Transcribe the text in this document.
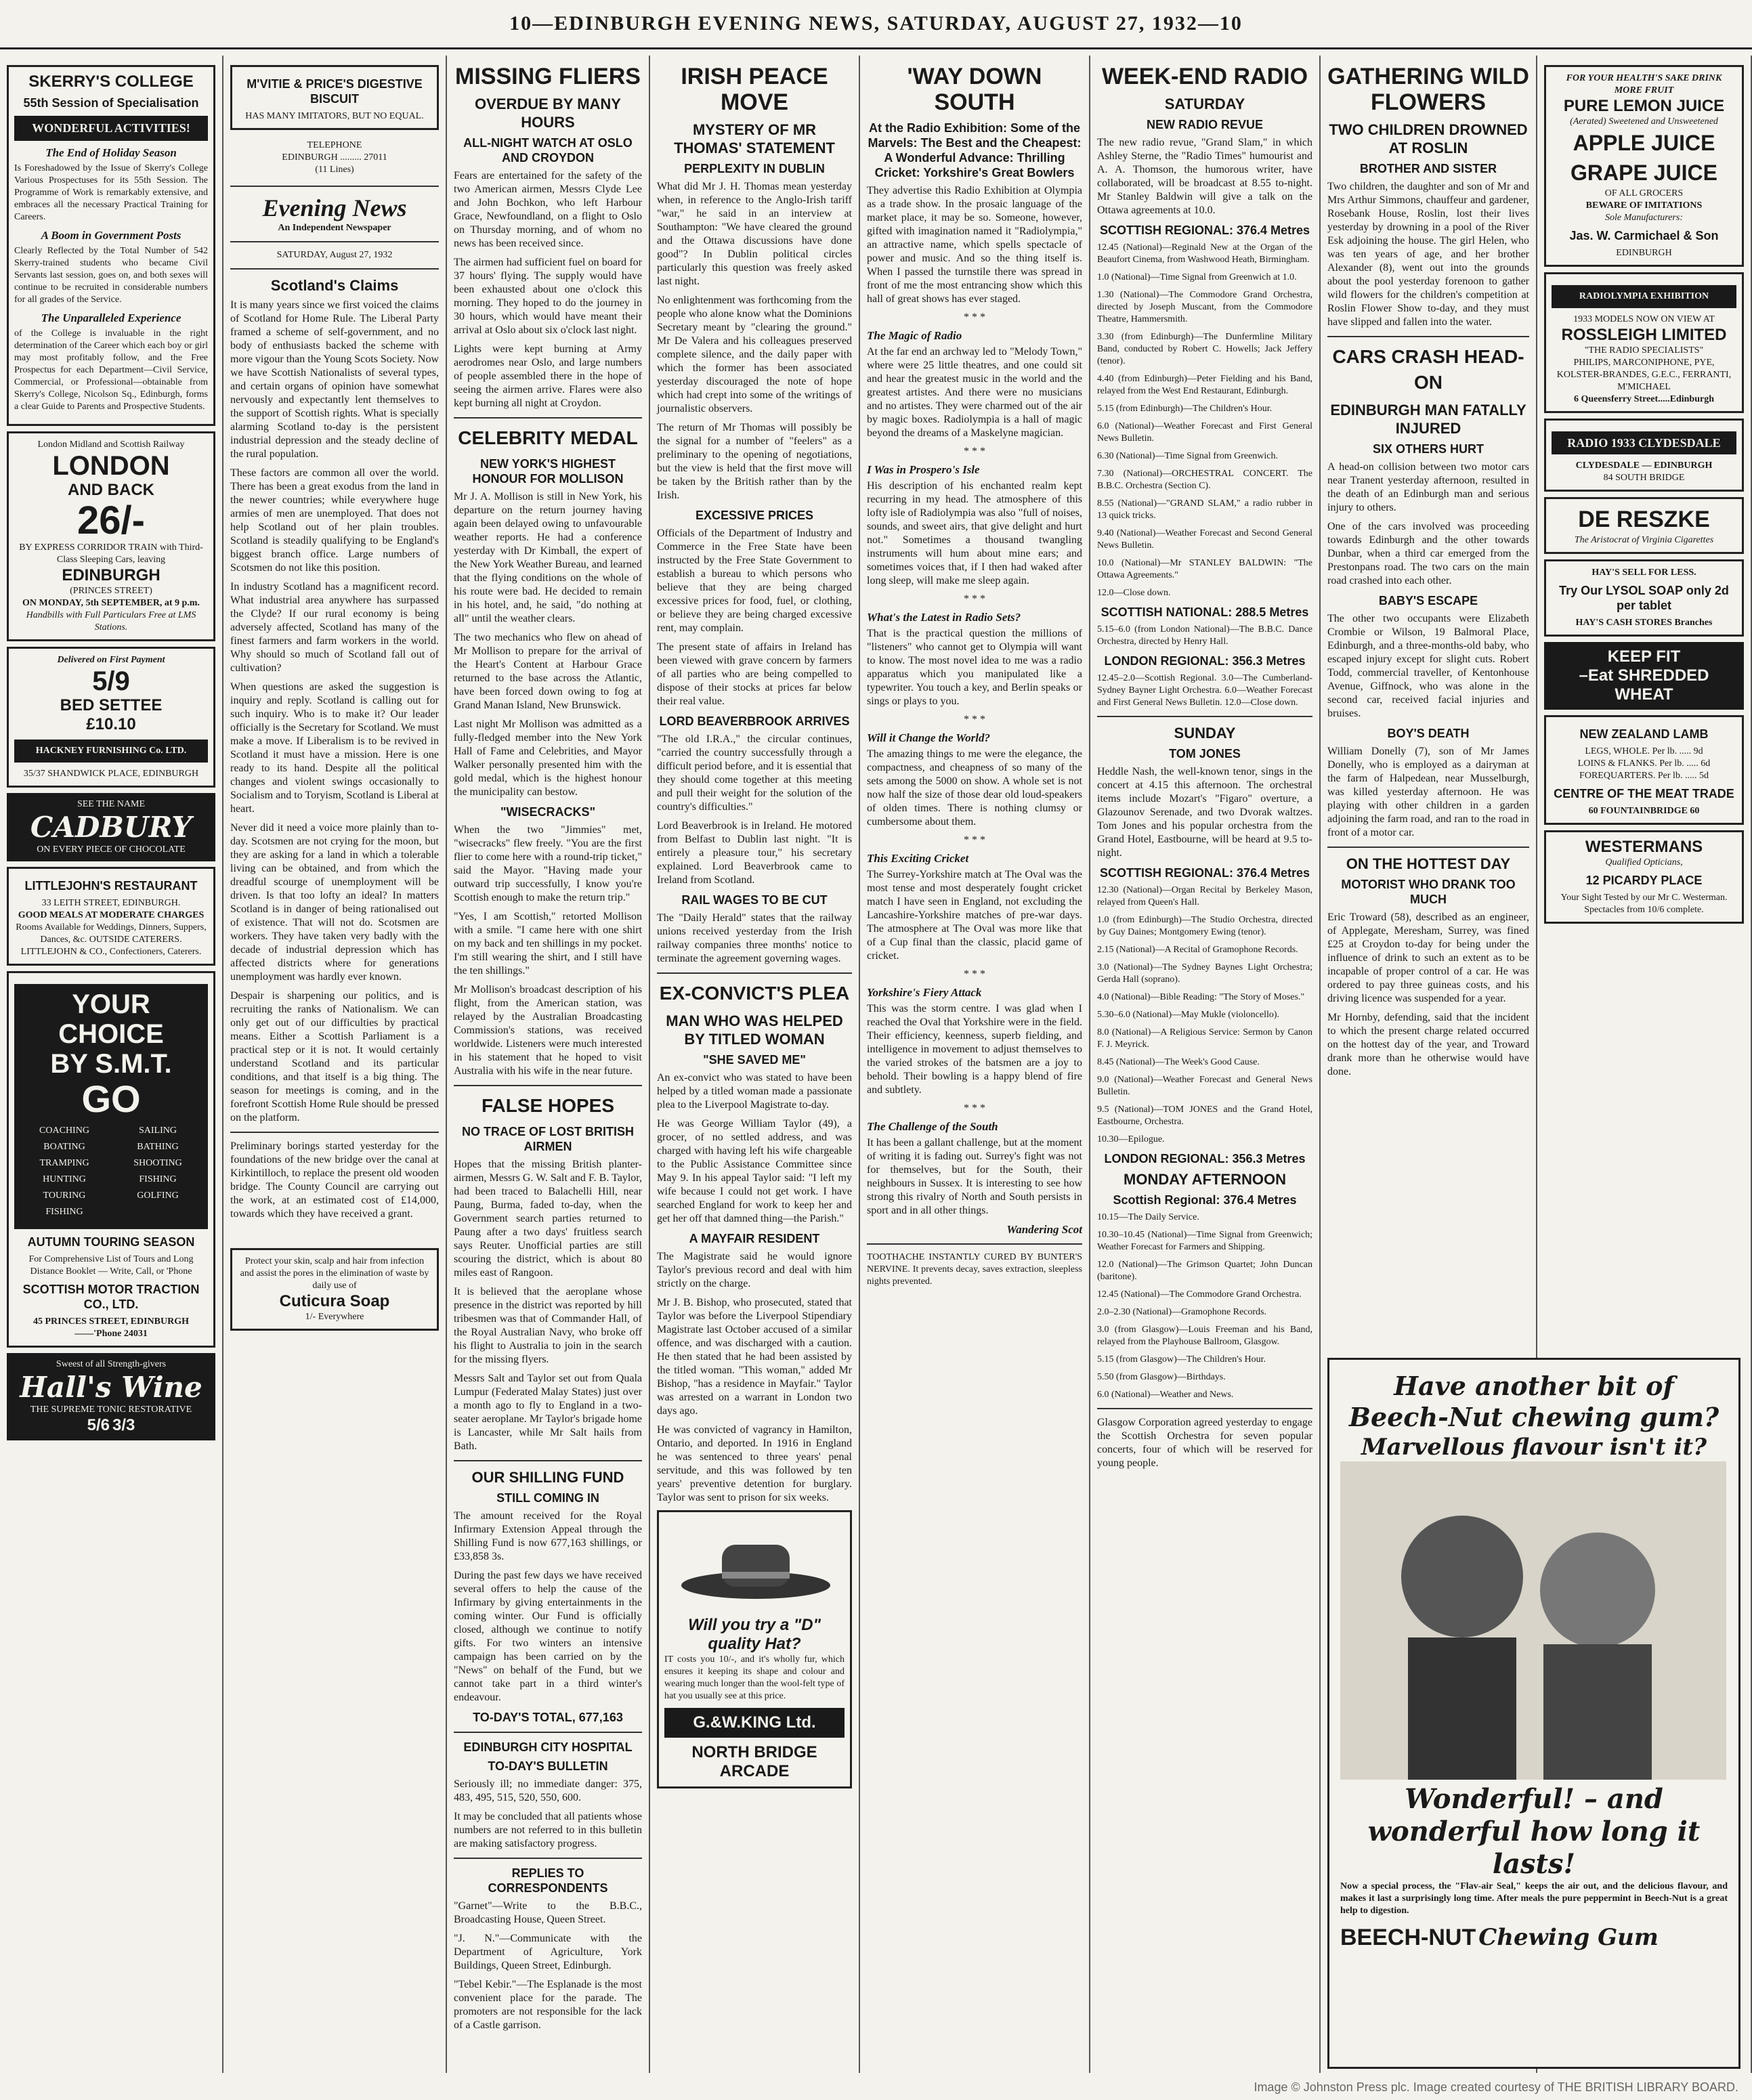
10—EDINBURGH EVENING NEWS, SATURDAY, AUGUST 27, 1932—10
SKERRY'S COLLEGE
55th Session of Specialisation
WONDERFUL ACTIVITIES!
The End of Holiday Season

Is Foreshadowed by the Issue of Skerry's College Various Prospectuses for its 55th Session. The Programme of Work is remarkably extensive, and embraces all the necessary Practical Training for Careers.

A Boom in Government Posts

Clearly Reflected by the Total Number of 542 Skerry-trained students who became Civil Servants last session, goes on, and both sexes will continue to be recruited in considerable numbers for all grades of the Service.

The Unparalleled Experience

of the College is invaluable in the right determination of the Career which each boy or girl may most profitably follow, and the Free Prospectus for each Department—Civil Service, Commercial, or Professional—obtainable from Skerry's College, Nicolson Sq., Edinburgh, forms a clear Guide to Parents and Prospective Students.

London Midland and Scottish Railway
LONDON
AND BACK
26/-
BY EXPRESS CORRIDOR TRAIN with Third-Class Sleeping Cars, leaving
EDINBURGH
(PRINCES STREET)
ON MONDAY, 5th SEPTEMBER, at 9 p.m.
Handbills with Full Particulars Free at LMS Stations.
Delivered on First Payment
5/9
BED SETTEE
£10.10
HACKNEY FURNISHING Co. LTD.
35/37 SHANDWICK PLACE, EDINBURGH
SEE THE NAME
CADBURY
ON EVERY PIECE OF CHOCOLATE
LITTLEJOHN'S RESTAURANT
33 LEITH STREET, EDINBURGH.
GOOD MEALS AT MODERATE CHARGES
Rooms Available for Weddings, Dinners, Suppers, Dances, &c. OUTSIDE CATERERS.
LITTLEJOHN & CO., Confectioners, Caterers.
YOUR CHOICE
BY S.M.T.
GO
COACHING	SAILING
BOATING	BATHING
TRAMPING	SHOOTING
HUNTING	FISHING
TOURING	GOLFING
FISHING
AUTUMN TOURING SEASON
For Comprehensive List of Tours and Long Distance Booklet — Write, Call, or 'Phone
SCOTTISH MOTOR TRACTION CO., LTD.
45 PRINCES STREET, EDINBURGH——'Phone 24031
Sweest of all Strength-givers
Hall's Wine
THE SUPREME TONIC RESTORATIVE
5/6 3/3
M'VITIE & PRICE'S DIGESTIVE BISCUIT
HAS MANY IMITATORS, BUT NO EQUAL.
TELEPHONE
EDINBURGH ......... 27011
(11 Lines)
Evening News
An Independent Newspaper
SATURDAY, August 27, 1932
Scotland's Claims

It is many years since we first voiced the claims of Scotland for Home Rule. The Liberal Party framed a scheme of self-government, and no body of enthusiasts backed the scheme with more vigour than the Young Scots Society. Now we have Scottish Nationalists of several types, and certain organs of opinion have somewhat nervously and expectantly lent themselves to the support of Scottish rights. What is specially alarming Scotland to-day is the persistent industrial depression and the steady decline of the rural population.

These factors are common all over the world. There has been a great exodus from the land in the newer countries; while everywhere huge armies of men are unemployed. That does not help Scotland out of her plain troubles. Scotland is steadily qualifying to be England's biggest branch office. Large numbers of Scotsmen do not like this position.

In industry Scotland has a magnificent record. What industrial area anywhere has surpassed the Clyde? If our rural economy is being adversely affected, Scotland has many of the finest farmers and farm workers in the world. Why should so much of Scotland fall out of cultivation?

When questions are asked the suggestion is inquiry and reply. Scotland is calling out for such inquiry. Who is to make it? Our leader officially is the Secretary for Scotland. We must make a move. If Liberalism is to be revived in Scotland it must have a mission. Here is one ready to its hand. Despite all the political changes and violent swings occasionally to Socialism and to Toryism, Scotland is Liberal at heart.

Never did it need a voice more plainly than to-day. Scotsmen are not crying for the moon, but they are asking for a land in which a tolerable living can be obtained, and from which the dreadful scourge of unemployment will be driven. Is that too lofty an ideal? In matters Scotland is in danger of being rationalised out of existence. That will not do. Scotsmen are workers. They have taken very badly with the decade of industrial depression which has affected districts where for generations unemployment was hardly ever known.

Despair is sharpening our politics, and is recruiting the ranks of Nationalism. We can only get out of our difficulties by practical means. Either a Scottish Parliament is a practical step or it is not. It would certainly understand Scotland and its particular conditions, and that itself is a big thing. The season for meetings is coming, and in the forefront Scottish Home Rule should be pressed on the platform.

Preliminary borings started yesterday for the foundations of the new bridge over the canal at Kirkintilloch, to replace the present old wooden bridge. The County Council are carrying out the work, at an estimated cost of £14,000, towards which they have received a grant.

Protect your skin, scalp and hair from infection and assist the pores in the elimination of waste by daily use of
Cuticura Soap
1/- Everywhere
MISSING FLIERS
OVERDUE BY MANY HOURS
ALL-NIGHT WATCH AT OSLO AND CROYDON

Fears are entertained for the safety of the two American airmen, Messrs Clyde Lee and John Bochkon, who left Harbour Grace, Newfoundland, on a flight to Oslo on Thursday morning, and of whom no news has been received since.

The airmen had sufficient fuel on board for 37 hours' flying. The supply would have been exhausted about one o'clock this morning. They hoped to do the journey in 30 hours, which would have meant their arrival at Oslo about six o'clock last night.

Lights were kept burning at Army aerodromes near Oslo, and large numbers of people assembled there in the hope of seeing the airmen arrive. Flares were also kept burning all night at Croydon.

CELEBRITY MEDAL
NEW YORK'S HIGHEST HONOUR FOR MOLLISON

Mr J. A. Mollison is still in New York, his departure on the return journey having again been delayed owing to unfavourable weather reports. He had a conference yesterday with Dr Kimball, the expert of the New York Weather Bureau, and learned that the flying conditions on the whole of his route were bad. He decided to remain in his hotel, and, he said, "do nothing at all" until the weather clears.

The two mechanics who flew on ahead of Mr Mollison to prepare for the arrival of the Heart's Content at Harbour Grace returned to the base across the Atlantic, have been forced down owing to fog at Grand Manan Island, New Brunswick.

Last night Mr Mollison was admitted as a fully-fledged member into the New York Hall of Fame and Celebrities, and Mayor Walker personally presented him with the gold medal, which is the highest honour the municipality can bestow.

"WISECRACKS"

When the two "Jimmies" met, "wisecracks" flew freely. "You are the first flier to come here with a round-trip ticket," said the Mayor. "Having made your outward trip successfully, I know you're Scottish enough to make the return trip."

"Yes, I am Scottish," retorted Mollison with a smile. "I came here with one shirt on my back and ten shillings in my pocket. I'm still wearing the shirt, and I still have the ten shillings."

Mr Mollison's broadcast description of his flight, from the American station, was relayed by the Australian Broadcasting Commission's stations, was received worldwide. Listeners were much interested in his statement that he hoped to visit Australia with his wife in the near future.

FALSE HOPES
NO TRACE OF LOST BRITISH AIRMEN

Hopes that the missing British planter-airmen, Messrs G. W. Salt and F. B. Taylor, had been traced to Balachelli Hill, near Paung, Burma, faded to-day, when the Government search parties returned to Paung after a two days' fruitless search says Reuter. Unofficial parties are still scouring the district, which is about 80 miles east of Rangoon.

It is believed that the aeroplane whose presence in the district was reported by hill tribesmen was that of Commander Hall, of the Royal Australian Navy, who broke off his flight to Australia to join in the search for the missing flyers.

Messrs Salt and Taylor set out from Quala Lumpur (Federated Malay States) just over a month ago to fly to England in a two-seater aeroplane. Mr Taylor's brigade home is Lancaster, while Mr Salt hails from Bath.

OUR SHILLING FUND
STILL COMING IN

The amount received for the Royal Infirmary Extension Appeal through the Shilling Fund is now 677,163 shillings, or £33,858 3s.

During the past few days we have received several offers to help the cause of the Infirmary by giving entertainments in the coming winter. Our Fund is officially closed, although we continue to notify gifts. For two winters an intensive campaign has been carried on by the "News" on behalf of the Fund, but we cannot take part in a third winter's endeavour.

TO-DAY'S TOTAL, 677,163
EDINBURGH CITY HOSPITAL
TO-DAY'S BULLETIN

Seriously ill; no immediate danger: 375, 483, 495, 515, 520, 550, 600.

It may be concluded that all patients whose numbers are not referred to in this bulletin are making satisfactory progress.

REPLIES TO CORRESPONDENTS

"Garnet"—Write to the B.B.C., Broadcasting House, Queen Street.

"J. N."—Communicate with the Department of Agriculture, York Buildings, Queen Street, Edinburgh.

"Tebel Kebir."—The Esplanade is the most convenient place for the parade. The promoters are not responsible for the lack of a Castle garrison.

IRISH PEACE MOVE
MYSTERY OF MR THOMAS' STATEMENT
PERPLEXITY IN DUBLIN

What did Mr J. H. Thomas mean yesterday when, in reference to the Anglo-Irish tariff "war," he said in an interview at Southampton: "We have cleared the ground and the Ottawa discussions have done good"? In Dublin political circles particularly this question was freely asked last night.

No enlightenment was forthcoming from the people who alone know what the Dominions Secretary meant by "clearing the ground." Mr De Valera and his colleagues preserved complete silence, and the daily paper with which the former has been associated yesterday discouraged the note of hope which had crept into some of the writings of journalistic observers.

The return of Mr Thomas will possibly be the signal for a number of "feelers" as a preliminary to the opening of negotiations, but the view is held that the first move will be taken by the British rather than by the Irish.

EXCESSIVE PRICES

Officials of the Department of Industry and Commerce in the Free State have been instructed by the Free State Government to establish a bureau to which persons who believe that they are being charged excessive prices for food, fuel, or clothing, or believe they are being charged excessive rent, may complain.

The present state of affairs in Ireland has been viewed with grave concern by farmers of all parties who are being compelled to dispose of their stocks at prices far below their real value.

LORD BEAVERBROOK ARRIVES

"The old I.R.A.," the circular continues, "carried the country successfully through a difficult period before, and it is essential that they should come together at this meeting and pull their weight for the solution of the country's difficulties."

Lord Beaverbrook is in Ireland. He motored from Belfast to Dublin last night. "It is entirely a pleasure tour," his secretary explained. Lord Beaverbrook came to Ireland from Scotland.

RAIL WAGES TO BE CUT

The "Daily Herald" states that the railway unions received yesterday from the Irish railway companies three months' notice to terminate the agreement governing wages.

EX-CONVICT'S PLEA
MAN WHO WAS HELPED BY TITLED WOMAN
"SHE SAVED ME"

An ex-convict who was stated to have been helped by a titled woman made a passionate plea to the Liverpool Magistrate to-day.

He was George William Taylor (49), a grocer, of no settled address, and was charged with having left his wife chargeable to the Public Assistance Committee since May 9. In his appeal Taylor said: "I left my wife because I could not get work. I have searched England for work to keep her and get her off that damned thing—the Parish."

A MAYFAIR RESIDENT

The Magistrate said he would ignore Taylor's previous record and deal with him strictly on the charge.

Mr J. B. Bishop, who prosecuted, stated that Taylor was before the Liverpool Stipendiary Magistrate last October accused of a similar offence, and was discharged with a caution. He then stated that he had been assisted by the titled woman. "This woman," added Mr Bishop, "has a residence in Mayfair." Taylor was arrested on a warrant in London two days ago.

He was convicted of vagrancy in Hamilton, Ontario, and deported. In 1916 in England he was sentenced to three years' penal servitude, and this was followed by ten years' preventive detention for burglary. Taylor was sent to prison for six weeks.

Will you try a "D" quality Hat?

IT costs you 10/-, and it's wholly fur, which ensures it keeping its shape and colour and wearing much longer than the wool-felt type of hat you usually see at this price.

G.&W.KING Ltd.
NORTH BRIDGE ARCADE
'WAY DOWN SOUTH
At the Radio Exhibition: Some of the Marvels: The Best and the Cheapest: A Wonderful Advance: Thrilling Cricket: Yorkshire's Great Bowlers

They advertise this Radio Exhibition at Olympia as a trade show. In the prosaic language of the market place, it may be so. Someone, however, gifted with imagination named it "Radiolympia," an attractive name, which spells spectacle of power and music. And so the thing itself is. When I passed the turnstile there was spread in front of me the most entrancing show which this hall of great shows has ever staged.

* * *
The Magic of Radio

At the far end an archway led to "Melody Town," where were 25 little theatres, and one could sit and hear the greatest music in the world and the greatest artistes. And there were no musicians and no artistes. They were charmed out of the air by magic boxes. Radiolympia is a hall of magic beyond the dreams of a Maskelyne magician.

* * *
I Was in Prospero's Isle

His description of his enchanted realm kept recurring in my head. The atmosphere of this lofty isle of Radiolympia was also "full of noises, sounds, and sweet airs, that give delight and hurt not." Sometimes a thousand twangling instruments will hum about mine ears; and sometimes voices that, if I then had waked after long sleep, will make me sleep again.

* * *
What's the Latest in Radio Sets?

That is the practical question the millions of "listeners" who cannot get to Olympia will want to know. The most novel idea to me was a radio apparatus which you manipulated like a typewriter. You touch a key, and Berlin speaks or sings or plays to you.

* * *
Will it Change the World?

The amazing things to me were the elegance, the compactness, and cheapness of so many of the sets among the 5000 on show. A whole set is not now half the size of those dear old loud-speakers of olden times. There is nothing clumsy or cumbersome about them.

* * *
This Exciting Cricket

The Surrey-Yorkshire match at The Oval was the most tense and most desperately fought cricket match I have seen in England, not excluding the Lancashire-Yorkshire matches of pre-war days. The atmosphere at The Oval was more like that of a Cup final than the classic, placid game of cricket.

* * *
Yorkshire's Fiery Attack

This was the storm centre. I was glad when I reached the Oval that Yorkshire were in the field. Their efficiency, keenness, superb fielding, and intelligence in movement to adjust themselves to the varied strokes of the batsmen are a joy to behold. Their bowling is a happy blend of fire and subtlety.

* * *
The Challenge of the South

It has been a gallant challenge, but at the moment of writing it is fading out. Surrey's fight was not for themselves, but for the South, their neighbours in Sussex. It is interesting to see how strong this rivalry of North and South persists in sport and in all other things.

Wandering Scot

TOOTHACHE INSTANTLY CURED BY BUNTER'S NERVINE. It prevents decay, saves extraction, sleepless nights prevented.

WEEK-END RADIO
SATURDAY
NEW RADIO REVUE

The new radio revue, "Grand Slam," in which Ashley Sterne, the "Radio Times" humourist and A. A. Thomson, the humorous writer, have collaborated, will be broadcast at 8.55 to-night. Mr Stanley Baldwin will give a talk on the Ottawa agreements at 10.0.

SCOTTISH REGIONAL: 376.4 Metres

12.45 (National)—Reginald New at the Organ of the Beaufort Cinema, from Washwood Heath, Birmingham.

1.0 (National)—Time Signal from Greenwich at 1.0.

1.30 (National)—The Commodore Grand Orchestra, directed by Joseph Muscant, from the Commodore Theatre, Hammersmith.

3.30 (from Edinburgh)—The Dunfermline Military Band, conducted by Robert C. Howells; Jack Jeffery (tenor).

4.40 (from Edinburgh)—Peter Fielding and his Band, relayed from the West End Restaurant, Edinburgh.

5.15 (from Edinburgh)—The Children's Hour.

6.0 (National)—Weather Forecast and First General News Bulletin.

6.30 (National)—Time Signal from Greenwich.

7.30 (National)—ORCHESTRAL CONCERT. The B.B.C. Orchestra (Section C).

8.55 (National)—"GRAND SLAM," a radio rubber in 13 quick tricks.

9.40 (National)—Weather Forecast and Second General News Bulletin.

10.0 (National)—Mr STANLEY BALDWIN: "The Ottawa Agreements."

12.0—Close down.

SCOTTISH NATIONAL: 288.5 Metres

5.15–6.0 (from London National)—The B.B.C. Dance Orchestra, directed by Henry Hall.

LONDON REGIONAL: 356.3 Metres

12.45–2.0—Scottish Regional. 3.0—The Cumberland-Sydney Bayner Light Orchestra. 6.0—Weather Forecast and First General News Bulletin. 12.0—Close down.

SUNDAY
TOM JONES

Heddle Nash, the well-known tenor, sings in the concert at 4.15 this afternoon. The orchestral items include Mozart's "Figaro" overture, a Glazounov Serenade, and two Dvorak waltzes. Tom Jones and his popular orchestra from the Grand Hotel, Eastbourne, will be heard at 9.5 to-night.

SCOTTISH REGIONAL: 376.4 Metres

12.30 (National)—Organ Recital by Berkeley Mason, relayed from Queen's Hall.

1.0 (from Edinburgh)—The Studio Orchestra, directed by Guy Daines; Montgomery Ewing (tenor).

2.15 (National)—A Recital of Gramophone Records.

3.0 (National)—The Sydney Baynes Light Orchestra; Gerda Hall (soprano).

4.0 (National)—Bible Reading: "The Story of Moses."

5.30–6.0 (National)—May Mukle (violoncello).

8.0 (National)—A Religious Service: Sermon by Canon F. J. Meyrick.

8.45 (National)—The Week's Good Cause.

9.0 (National)—Weather Forecast and General News Bulletin.

9.5 (National)—TOM JONES and the Grand Hotel, Eastbourne, Orchestra.

10.30—Epilogue.

LONDON REGIONAL: 356.3 Metres
MONDAY AFTERNOON
Scottish Regional: 376.4 Metres

10.15—The Daily Service.

10.30–10.45 (National)—Time Signal from Greenwich; Weather Forecast for Farmers and Shipping.

12.0 (National)—The Grimson Quartet; John Duncan (baritone).

12.45 (National)—The Commodore Grand Orchestra.

2.0–2.30 (National)—Gramophone Records.

3.0 (from Glasgow)—Louis Freeman and his Band, relayed from the Playhouse Ballroom, Glasgow.

5.15 (from Glasgow)—The Children's Hour.

5.50 (from Glasgow)—Birthdays.

6.0 (National)—Weather and News.

Glasgow Corporation agreed yesterday to engage the Scottish Orchestra for seven popular concerts, four of which will be reserved for young people.

GATHERING WILD FLOWERS
TWO CHILDREN DROWNED AT ROSLIN
BROTHER AND SISTER

Two children, the daughter and son of Mr and Mrs Arthur Simmons, chauffeur and gardener, Rosebank House, Roslin, lost their lives yesterday by drowning in a pool of the River Esk adjoining the house. The girl Helen, who was ten years of age, and her brother Alexander (8), went out into the grounds about the pool yesterday forenoon to gather wild flowers for the children's competition at Roslin Flower Show to-day, and they must have slipped and fallen into the water.

CARS CRASH HEAD-ON
EDINBURGH MAN FATALLY INJURED
SIX OTHERS HURT

A head-on collision between two motor cars near Tranent yesterday afternoon, resulted in the death of an Edinburgh man and serious injury to others.

One of the cars involved was proceeding towards Edinburgh and the other towards Dunbar, when a third car emerged from the Prestonpans road. The two cars on the main road crashed into each other.

BABY'S ESCAPE

The other two occupants were Elizabeth Crombie or Wilson, 19 Balmoral Place, Edinburgh, and a three-months-old baby, who escaped injury except for slight cuts. Robert Todd, commercial traveller, of Kentonhouse Avenue, Giffnock, who was alone in the second car, received facial injuries and bruises.

BOY'S DEATH

William Donelly (7), son of Mr James Donelly, who is employed as a dairyman at the farm of Halpedean, near Musselburgh, was killed yesterday afternoon. He was playing with other children in a garden adjoining the farm road, and ran to the road in front of a motor car.

ON THE HOTTEST DAY
MOTORIST WHO DRANK TOO MUCH

Eric Troward (58), described as an engineer, of Applegate, Meresham, Surrey, was fined £25 at Croydon to-day for being under the influence of drink to such an extent as to be incapable of proper control of a car. He was ordered to pay three guineas costs, and his driving licence was suspended for a year.

Mr Hornby, defending, said that the incident to which the present charge related occurred on the hottest day of the year, and Troward drank more than he otherwise would have done.

FOR YOUR HEALTH'S SAKE DRINK MORE FRUIT
PURE LEMON JUICE
(Aerated) Sweetened and Unsweetened
APPLE JUICE
GRAPE JUICE
OF ALL GROCERS
BEWARE OF IMITATIONS
Sole Manufacturers:
Jas. W. Carmichael & Son
EDINBURGH
RADIOLYMPIA EXHIBITION
1933 MODELS NOW ON VIEW AT
ROSSLEIGH LIMITED
"THE RADIO SPECIALISTS"
PHILIPS, MARCONIPHONE, PYE, KOLSTER-BRANDES, G.E.C., FERRANTI, M'MICHAEL
6 Queensferry Street.....Edinburgh
RADIO 1933 CLYDESDALE
CLYDESDALE — EDINBURGH
84 SOUTH BRIDGE
DE RESZKE
The Aristocrat of Virginia Cigarettes
HAY'S SELL FOR LESS.
Try Our LYSOL SOAP only 2d per tablet
HAY'S CASH STORES Branches
KEEP FIT
–Eat SHREDDED WHEAT
NEW ZEALAND LAMB
LEGS, WHOLE. Per lb. ..... 9d
LOINS & FLANKS. Per lb. ..... 6d
FOREQUARTERS. Per lb. ..... 5d
CENTRE OF THE MEAT TRADE
60 FOUNTAINBRIDGE 60
WESTERMANS
Qualified Opticians,
12 PICARDY PLACE
Your Sight Tested by our Mr C. Westerman. Spectacles from 10/6 complete.
Have another bit of Beech-Nut chewing gum?
Marvellous flavour isn't it?
Wonderful! – and wonderful how long it lasts!

Now a special process, the "Flav-air Seal," keeps the air out, and the delicious flavour, and makes it last a surprisingly long time. After meals the pure peppermint in Beech-Nut is a great help to digestion.

BEECH-NUT Chewing Gum
Image © Johnston Press plc. Image created courtesy of THE BRITISH LIBRARY BOARD.
